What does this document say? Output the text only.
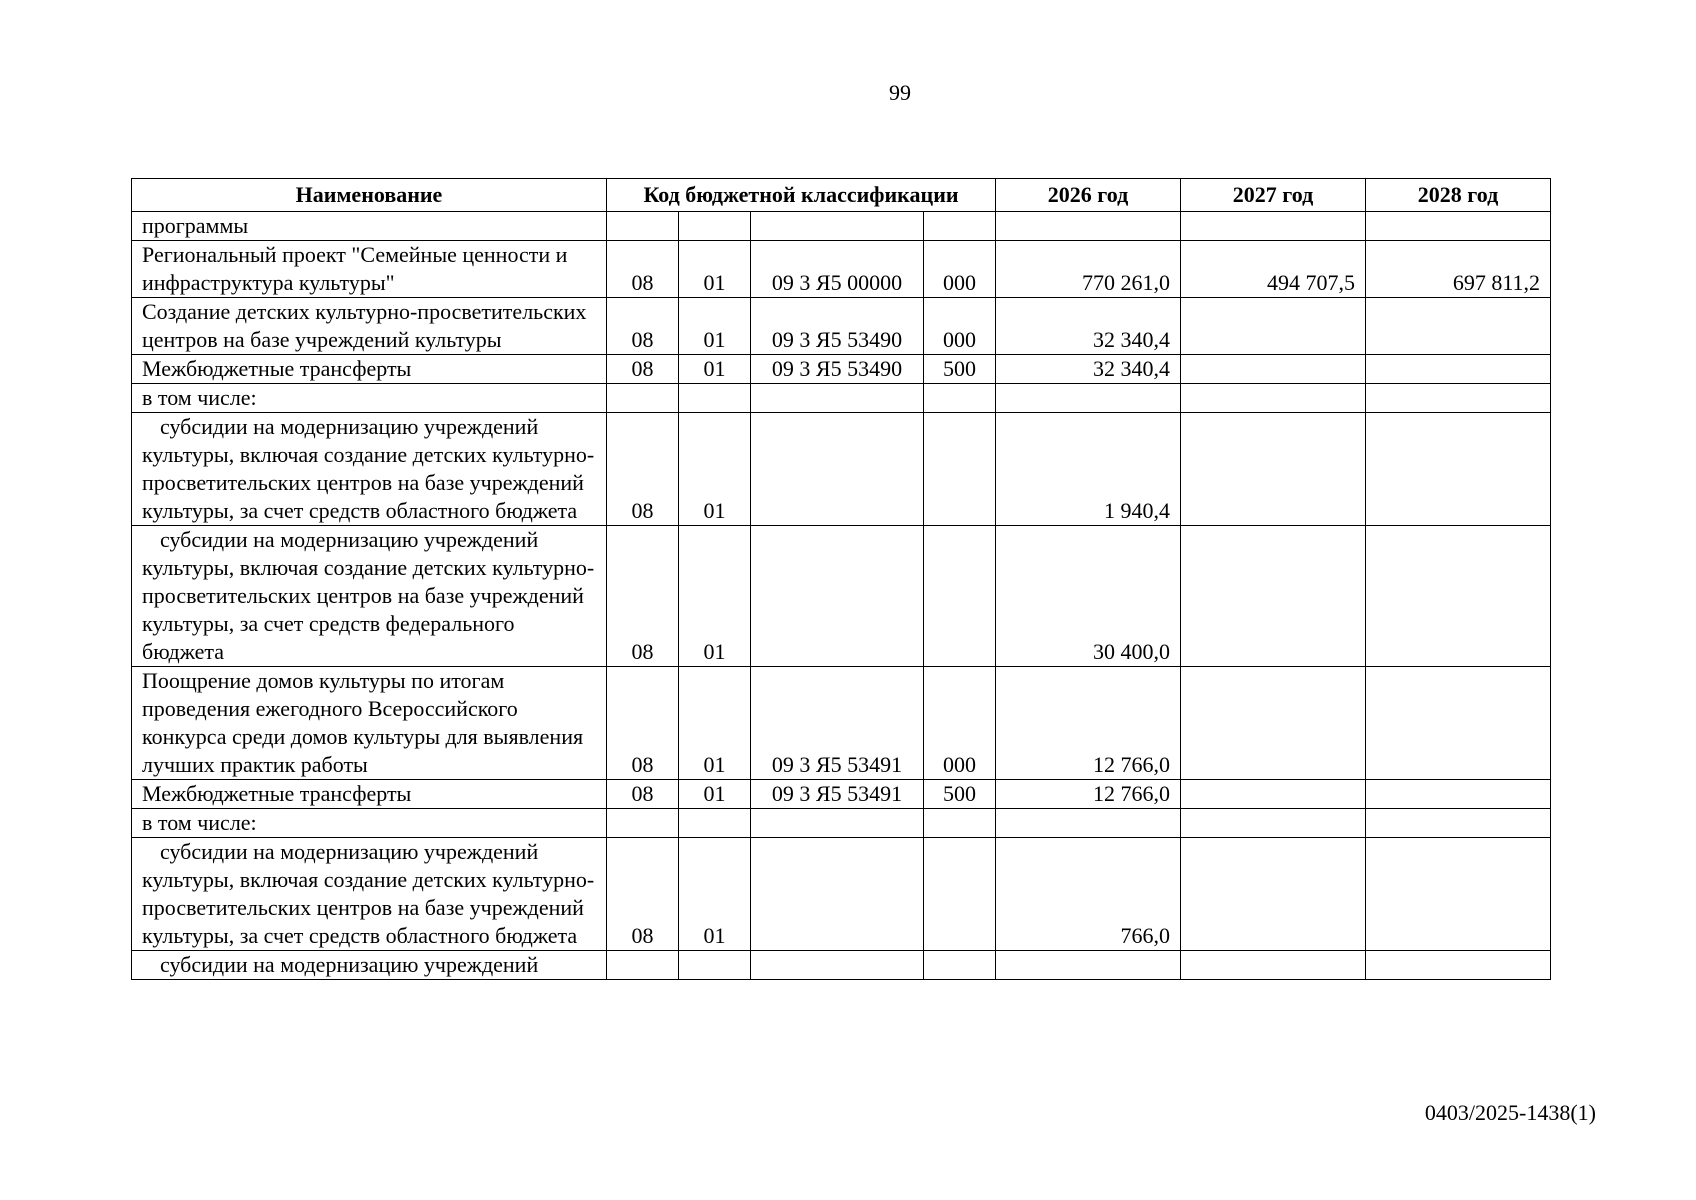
99
Наименование	Код бюджетной классификации				2026 год	2027 год	2028 год
программы							
Региональный проект "Семейные ценности и инфраструктура культуры"	08	01	09 3 Я5 00000	000	770 261,0	494 707,5	697 811,2
Создание детских культурно-просветительских центров на базе учреждений культуры	08	01	09 3 Я5 53490	000	32 340,4		
Межбюджетные трансферты	08	01	09 3 Я5 53490	500	32 340,4		
в том числе:							
субсидии на модернизацию учреждений культуры, включая создание детских культурно-просветительских центров на базе учреждений культуры, за счет средств областного бюджета	08	01			1 940,4		
субсидии на модернизацию учреждений культуры, включая создание детских культурно-просветительских центров на базе учреждений культуры, за счет средств федерального бюджета	08	01			30 400,0		
Поощрение домов культуры по итогам проведения ежегодного Всероссийского конкурса среди домов культуры для выявления лучших практик работы	08	01	09 3 Я5 53491	000	12 766,0		
Межбюджетные трансферты	08	01	09 3 Я5 53491	500	12 766,0		
в том числе:							
субсидии на модернизацию учреждений культуры, включая создание детских культурно-просветительских центров на базе учреждений культуры, за счет средств областного бюджета	08	01			766,0		
субсидии на модернизацию учреждений							
0403/2025-1438(1)
